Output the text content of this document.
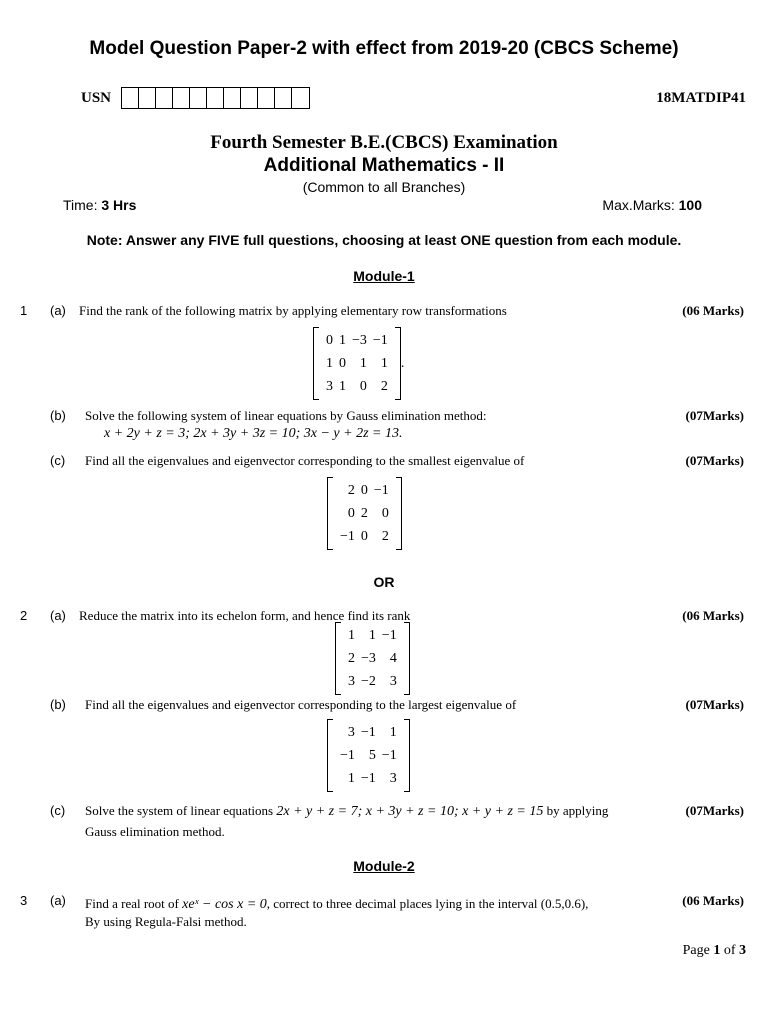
Model Question Paper-2 with effect from 2019-20 (CBCS Scheme)
USN	18MATDIP41
Fourth Semester B.E.(CBCS) Examination
Additional Mathematics - II
(Common to all Branches)
Time: 3 Hrs	Max.Marks: 100
Note: Answer any FIVE full questions, choosing at least ONE question from each module.
Module-1
1 (a) Find the rank of the following matrix by applying elementary row transformations	(06 Marks)
0 1 −3 −1
1 0 1 1
3 1 0 2
.
(b) Solve the following system of linear equations by Gauss elimination method:	(07Marks)
x + 2y + z = 3; 2x + 3y + 3z = 10; 3x − y + 2z = 13.
(c) Find all the eigenvalues and eigenvector corresponding to the smallest eigenvalue of	(07Marks)
2 0 −1
0 2 0
−1 0 2
OR
2 (a) Reduce the matrix into its echelon form, and hence find its rank	(06 Marks)
1 1 −1
2 −3 4
3 −2 3
(b) Find all the eigenvalues and eigenvector corresponding to the largest eigenvalue of	(07Marks)
3 −1 1
−1 5 −1
1 −1 3
(c) Solve the system of linear equations 2x + y + z = 7; x + 3y + z = 10; x + y + z = 15 by applying
Gauss elimination method.
(07Marks)
Module-2
3 (a) Find a real root of xeˣ − cos x = 0, correct to three decimal places lying in the interval (0.5,0.6),
By using Regula-Falsi method.
(06 Marks)
Page 1 of 3
